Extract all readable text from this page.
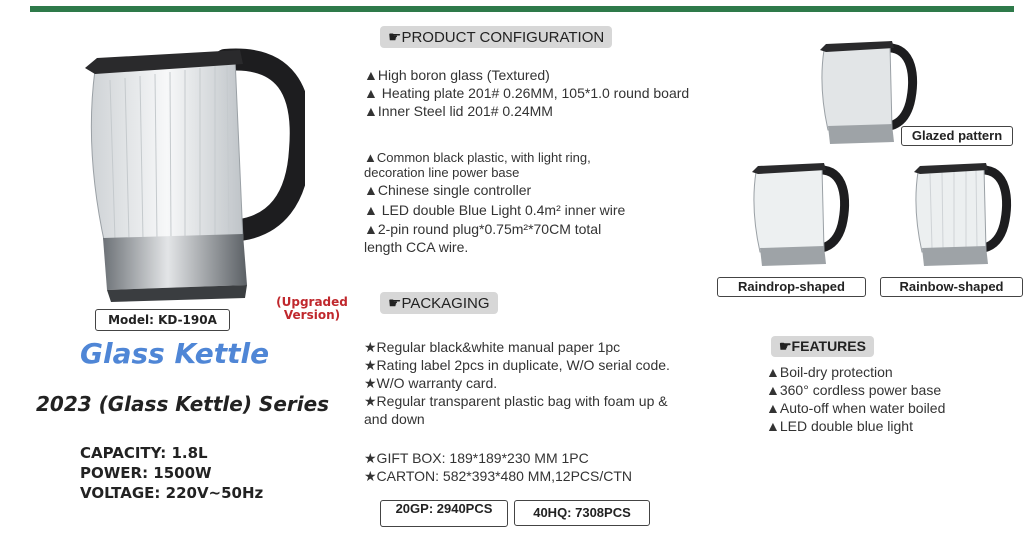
Model: KD-190A
(Upgraded Version)
Glass Kettle
2023 (Glass Kettle) Series
CAPACITY: 1.8L
POWER: 1500W
VOLTAGE: 220V~50Hz
☛PRODUCT CONFIGURATION
▲High boron glass (Textured)
▲ Heating plate 201# 0.26MM, 105*1.0 round board
▲Inner Steel lid 201# 0.24MM
▲Common black plastic, with light ring,
decoration line power base
▲Chinese single controller
▲ LED double Blue Light 0.4m² inner wire
▲2-pin round plug*0.75m²*70CM total
length CCA wire.
☛PACKAGING
★Regular black&white manual paper 1pc
★Rating label 2pcs in duplicate, W/O serial code.
★W/O warranty card.
★Regular transparent plastic bag with foam up &
and down
★GIFT BOX: 189*189*230 MM 1PC
★CARTON: 582*393*480 MM,12PCS/CTN
20GP: 2940PCS	40HQ: 7308PCS
☛FEATURES
▲Boil-dry protection
▲360° cordless power base
▲Auto-off when water boiled
▲LED double blue light
Glazed pattern
Raindrop-shaped	Rainbow-shaped
